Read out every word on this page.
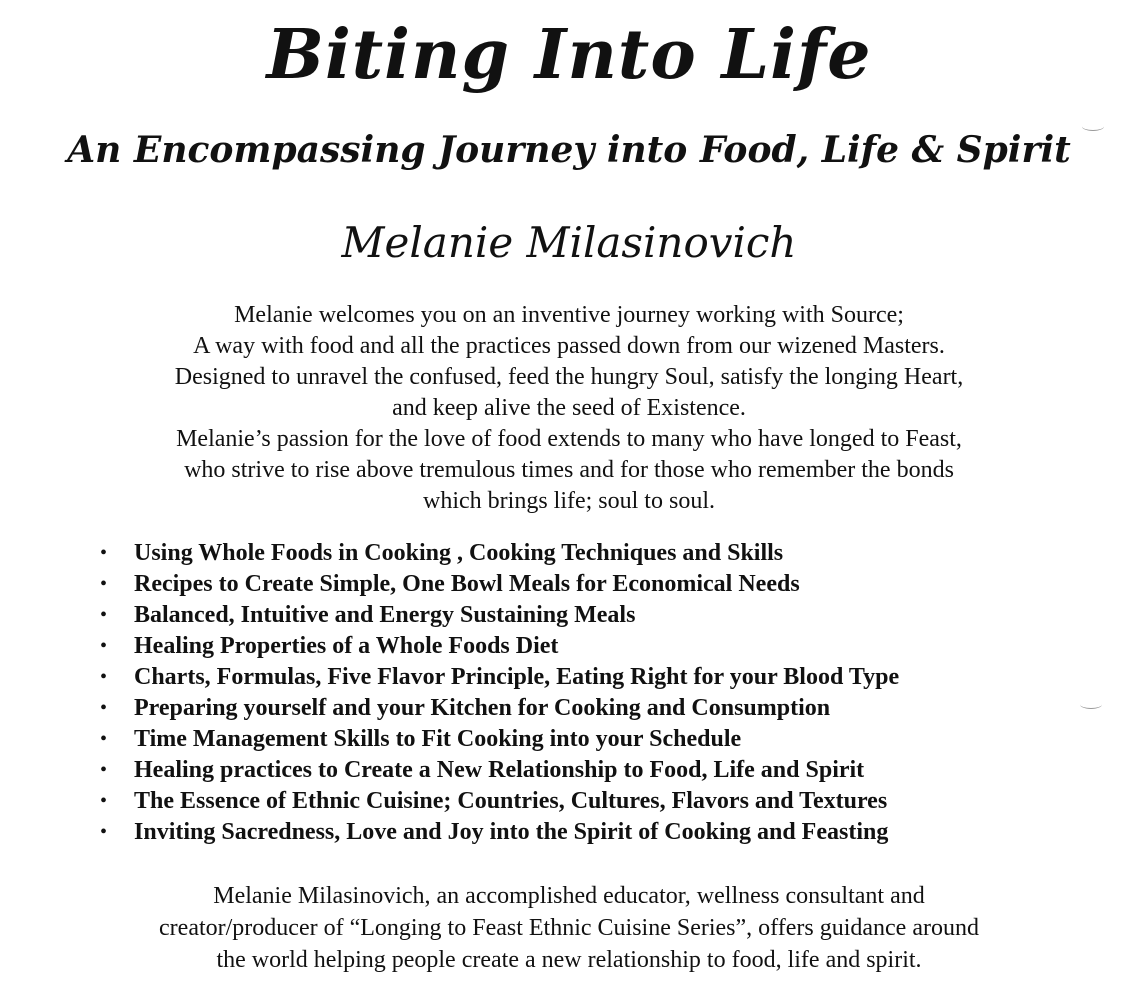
Biting Into Life
An Encompassing Journey into Food, Life & Spirit
Melanie Milasinovich
Melanie welcomes you on an inventive journey working with Source;
A way with food and all the practices passed down from our wizened Masters.
Designed to unravel the confused, feed the hungry Soul, satisfy the longing Heart,
and keep alive the seed of Existence.
Melanie’s passion for the love of food extends to many who have longed to Feast,
who strive to rise above tremulous times and for those who remember the bonds
which brings life; soul to soul.
• Using Whole Foods in Cooking , Cooking Techniques and Skills
• Recipes to Create Simple, One Bowl Meals for Economical Needs
• Balanced, Intuitive and Energy Sustaining Meals
• Healing Properties of a Whole Foods Diet
• Charts, Formulas, Five Flavor Principle, Eating Right for your Blood Type
• Preparing yourself and your Kitchen for Cooking and Consumption
• Time Management Skills to Fit Cooking into your Schedule
• Healing practices to Create a New Relationship to Food, Life and Spirit
• The Essence of Ethnic Cuisine; Countries, Cultures, Flavors and Textures
• Inviting Sacredness, Love and Joy into the Spirit of Cooking and Feasting
Melanie Milasinovich, an accomplished educator, wellness consultant and
creator/producer of “Longing to Feast Ethnic Cuisine Series”, offers guidance around
the world helping people create a new relationship to food, life and spirit.
